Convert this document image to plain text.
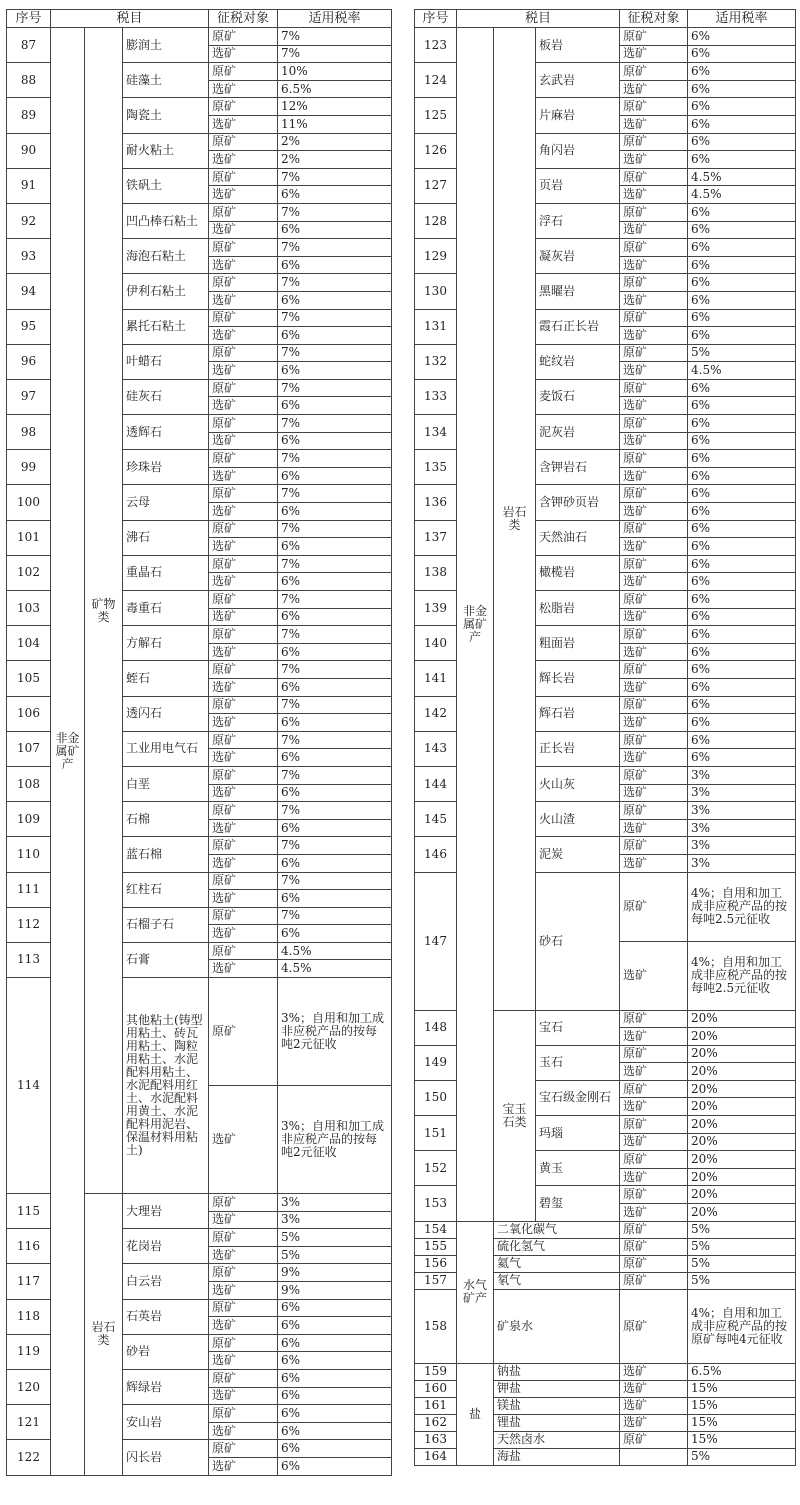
序号	税目			征税对象	适用税率
87	非金属矿产	矿物类	膨润土	原矿	7%
				选矿	7%
88			硅藻土	原矿	10%
				选矿	6.5%
89			陶瓷土	原矿	12%
				选矿	11%
90			耐火粘土	原矿	2%
				选矿	2%
91			铁矾土	原矿	7%
				选矿	6%
92			凹凸棒石粘土	原矿	7%
				选矿	6%
93			海泡石粘土	原矿	7%
				选矿	6%
94			伊利石粘土	原矿	7%
				选矿	6%
95			累托石粘土	原矿	7%
				选矿	6%
96			叶蜡石	原矿	7%
				选矿	6%
97			硅灰石	原矿	7%
				选矿	6%
98			透辉石	原矿	7%
				选矿	6%
99			珍珠岩	原矿	7%
				选矿	6%
100			云母	原矿	7%
				选矿	6%
101			沸石	原矿	7%
				选矿	6%
102			重晶石	原矿	7%
				选矿	6%
103			毒重石	原矿	7%
				选矿	6%
104			方解石	原矿	7%
				选矿	6%
105			蛭石	原矿	7%
				选矿	6%
106			透闪石	原矿	7%
				选矿	6%
107			工业用电气石	原矿	7%
				选矿	6%
108			白垩	原矿	7%
				选矿	6%
109			石棉	原矿	7%
				选矿	6%
110			蓝石棉	原矿	7%
				选矿	6%
111			红柱石	原矿	7%
				选矿	6%
112			石榴子石	原矿	7%
				选矿	6%
113			石膏	原矿	4.5%
				选矿	4.5%
114			其他粘土(铸型用粘土、砖瓦用粘土、陶粒用粘土、水泥配料用粘土、水泥配料用红土、水泥配料用黄土、水泥配料用泥岩、保温材料用粘土)	原矿	3%；自用和加工成非应税产品的按每吨2元征收
				选矿	3%；自用和加工成非应税产品的按每吨2元征收
115		岩石类	大理岩	原矿	3%
				选矿	3%
116			花岗岩	原矿	5%
				选矿	5%
117			白云岩	原矿	9%
				选矿	9%
118			石英岩	原矿	6%
				选矿	6%
119			砂岩	原矿	6%
				选矿	6%
120			辉绿岩	原矿	6%
				选矿	6%
121			安山岩	原矿	6%
				选矿	6%
122			闪长岩	原矿	6%
				选矿	6%
序号	税目			征税对象	适用税率
123	非金属矿产	岩石类	板岩	原矿	6%
				选矿	6%
124			玄武岩	原矿	6%
				选矿	6%
125			片麻岩	原矿	6%
				选矿	6%
126			角闪岩	原矿	6%
				选矿	6%
127			页岩	原矿	4.5%
				选矿	4.5%
128			浮石	原矿	6%
				选矿	6%
129			凝灰岩	原矿	6%
				选矿	6%
130			黑曜岩	原矿	6%
				选矿	6%
131			霞石正长岩	原矿	6%
				选矿	6%
132			蛇纹岩	原矿	5%
				选矿	4.5%
133			麦饭石	原矿	6%
				选矿	6%
134			泥灰岩	原矿	6%
				选矿	6%
135			含钾岩石	原矿	6%
				选矿	6%
136			含钾砂页岩	原矿	6%
				选矿	6%
137			天然油石	原矿	6%
				选矿	6%
138			橄榄岩	原矿	6%
				选矿	6%
139			松脂岩	原矿	6%
				选矿	6%
140			粗面岩	原矿	6%
				选矿	6%
141			辉长岩	原矿	6%
				选矿	6%
142			辉石岩	原矿	6%
				选矿	6%
143			正长岩	原矿	6%
				选矿	6%
144			火山灰	原矿	3%
				选矿	3%
145			火山渣	原矿	3%
				选矿	3%
146			泥炭	原矿	3%
				选矿	3%
147			砂石	原矿	4%；自用和加工成非应税产品的按每吨2.5元征收
				选矿	4%；自用和加工成非应税产品的按每吨2.5元征收
148		宝玉石类	宝石	原矿	20%
				选矿	20%
149			玉石	原矿	20%
				选矿	20%
150			宝石级金刚石	原矿	20%
				选矿	20%
151			玛瑙	原矿	20%
				选矿	20%
152			黄玉	原矿	20%
				选矿	20%
153			碧玺	原矿	20%
				选矿	20%
154	水气矿产	二氧化碳气		原矿	5%
155		硫化氢气		原矿	5%
156		氦气		原矿	5%
157		氡气		原矿	5%
158		矿泉水		原矿	4%；自用和加工成非应税产品的按原矿每吨4元征收
159	盐	钠盐		选矿	6.5%
160		钾盐		选矿	15%
161		镁盐		选矿	15%
162		锂盐		选矿	15%
163		天然卤水		原矿	15%
164		海盐			5%
